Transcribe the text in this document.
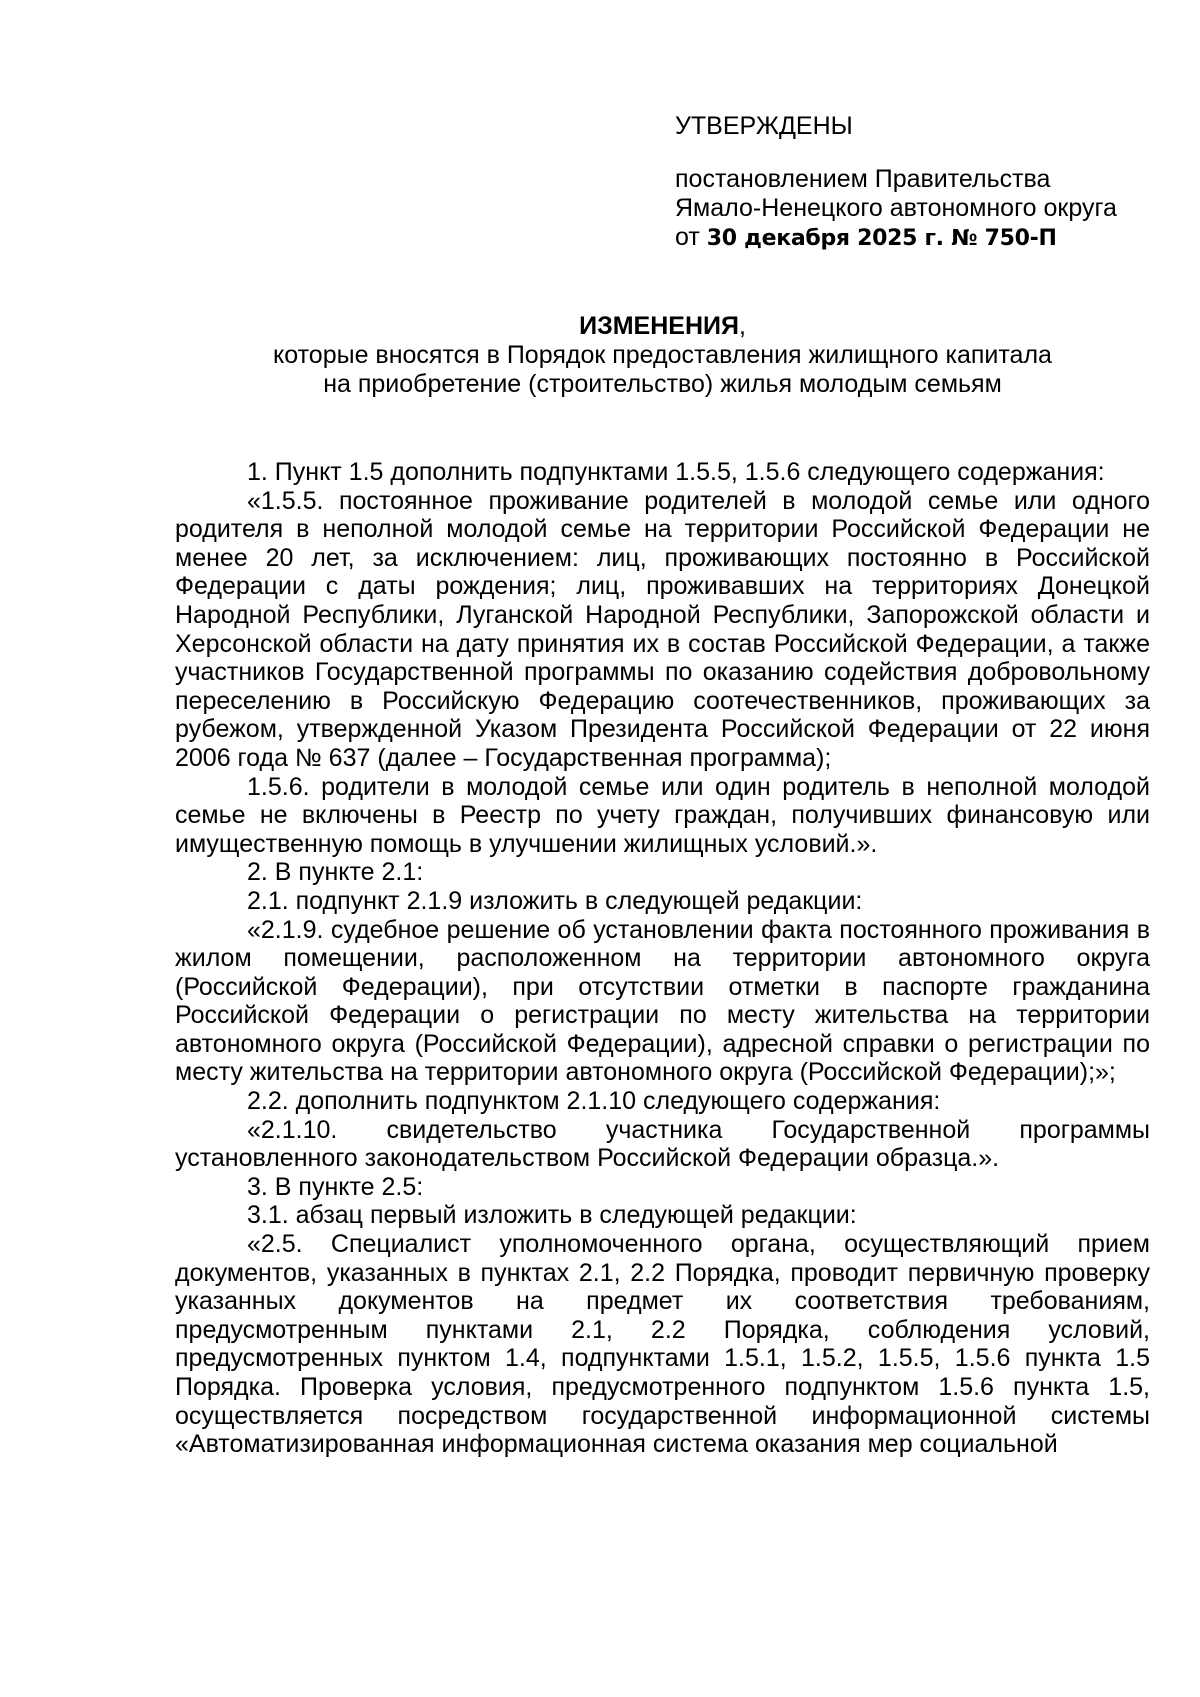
УТВЕРЖДЕНЫ
постановлением Правительства
Ямало-Ненецкого автономного округа
от 30 декабря 2025 г. № 750-П
ИЗМЕНЕНИЯ,
которые вносятся в Порядок предоставления жилищного капитала
на приобретение (строительство) жилья молодым семьям

1. Пункт 1.5 дополнить подпунктами 1.5.5, 1.5.6 следующего содержания:

«1.5.5. постоянное проживание родителей в молодой семье или одного родителя в неполной молодой семье на территории Российской Федерации не менее 20 лет, за исключением: лиц, проживающих постоянно в Российской Федерации с даты рождения; лиц, проживавших на территориях Донецкой Народной Республики, Луганской Народной Республики, Запорожской области и Херсонской области на дату принятия их в состав Российской Федерации, а также участников Государственной программы по оказанию содействия добровольному переселению в Российскую Федерацию соотечественников, проживающих за рубежом, утвержденной Указом Президента Российской Федерации от 22 июня 2006 года № 637 (далее – Государственная программа);

1.5.6. родители в молодой семье или один родитель в неполной молодой семье не включены в Реестр по учету граждан, получивших финансовую или имущественную помощь в улучшении жилищных условий.».

2. В пункте 2.1:

2.1. подпункт 2.1.9 изложить в следующей редакции:

«2.1.9. судебное решение об установлении факта постоянного проживания в жилом помещении, расположенном на территории автономного округа (Российской Федерации), при отсутствии отметки в паспорте гражданина Российской Федерации о регистрации по месту жительства на территории автономного округа (Российской Федерации), адресной справки о регистрации по месту жительства на территории автономного округа (Российской Федерации);»;

2.2. дополнить подпунктом 2.1.10 следующего содержания:

«2.1.10. свидетельство участника Государственной программы установленного законодательством Российской Федерации образца.».

3. В пункте 2.5:

3.1. абзац первый изложить в следующей редакции:

«2.5. Специалист уполномоченного органа, осуществляющий прием документов, указанных в пунктах 2.1, 2.2 Порядка, проводит первичную проверку указанных документов на предмет их соответствия требованиям, предусмотренным пунктами 2.1, 2.2 Порядка, соблюдения условий, предусмотренных пунктом 1.4, подпунктами 1.5.1, 1.5.2, 1.5.5, 1.5.6 пункта 1.5 Порядка. Проверка условия, предусмотренного подпунктом 1.5.6 пункта 1.5, осуществляется посредством государственной информационной системы «Автоматизированная информационная система оказания мер социальной
